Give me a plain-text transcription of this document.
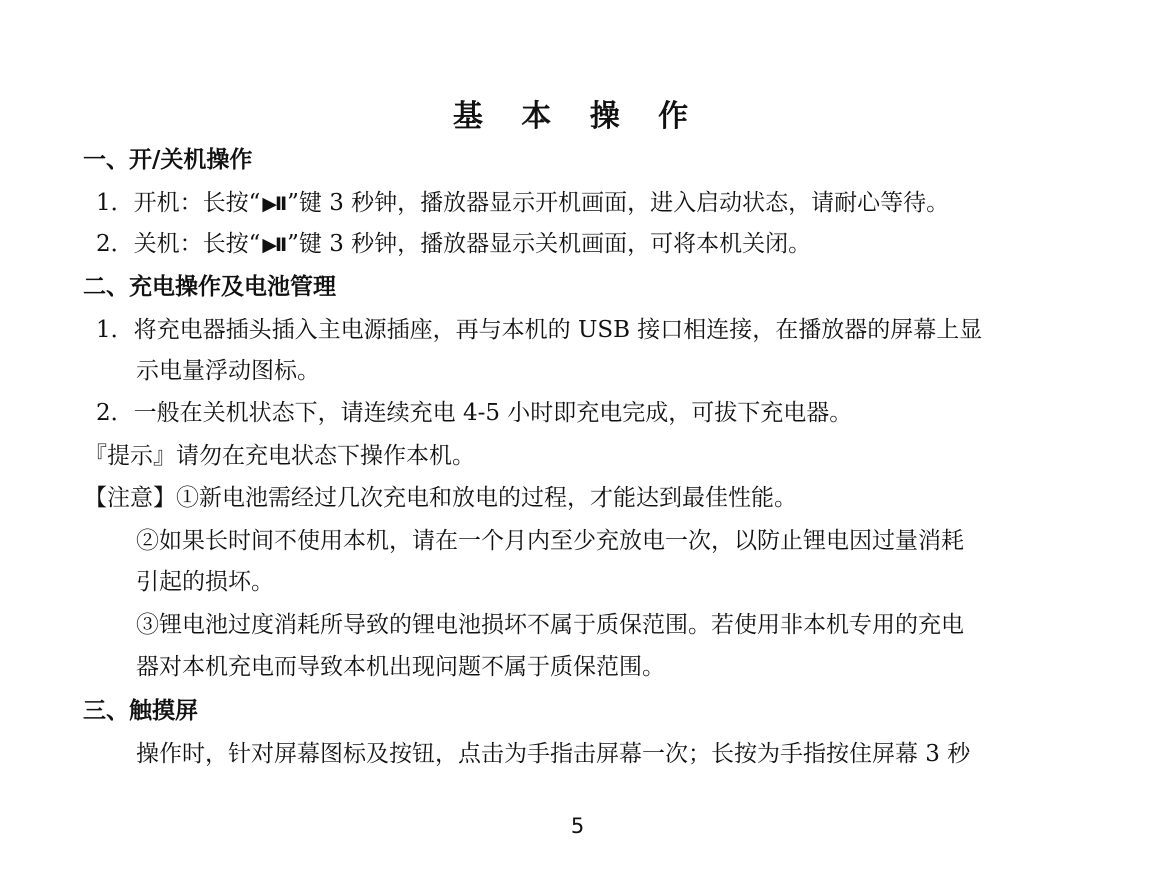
基 本 操 作
一、开/关机操作
1．开机：长按“ ▶II”键 3 秒钟，播放器显示开机画面，进入启动状态，请耐心等待。
2．关机：长按“ ▶II”键 3 秒钟，播放器显示关机画面，可将本机关闭。
二、充电操作及电池管理
1．将充电器插头插入主电源插座，再与本机的 USB 接口相连接，在播放器的屏幕上显
示电量浮动图标。
2．一般在关机状态下，请连续充电 4-5 小时即充电完成，可拔下充电器。
『提示』请勿在充电状态下操作本机。
【注意】①新电池需经过几次充电和放电的过程，才能达到最佳性能。
②如果长时间不使用本机，请在一个月内至少充放电一次，以防止锂电因过量消耗
引起的损坏。
③锂电池过度消耗所导致的锂电池损坏不属于质保范围。若使用非本机专用的充电
器对本机充电而导致本机出现问题不属于质保范围。
三、触摸屏
操作时，针对屏幕图标及按钮，点击为手指击屏幕一次；长按为手指按住屏幕 3 秒
5
